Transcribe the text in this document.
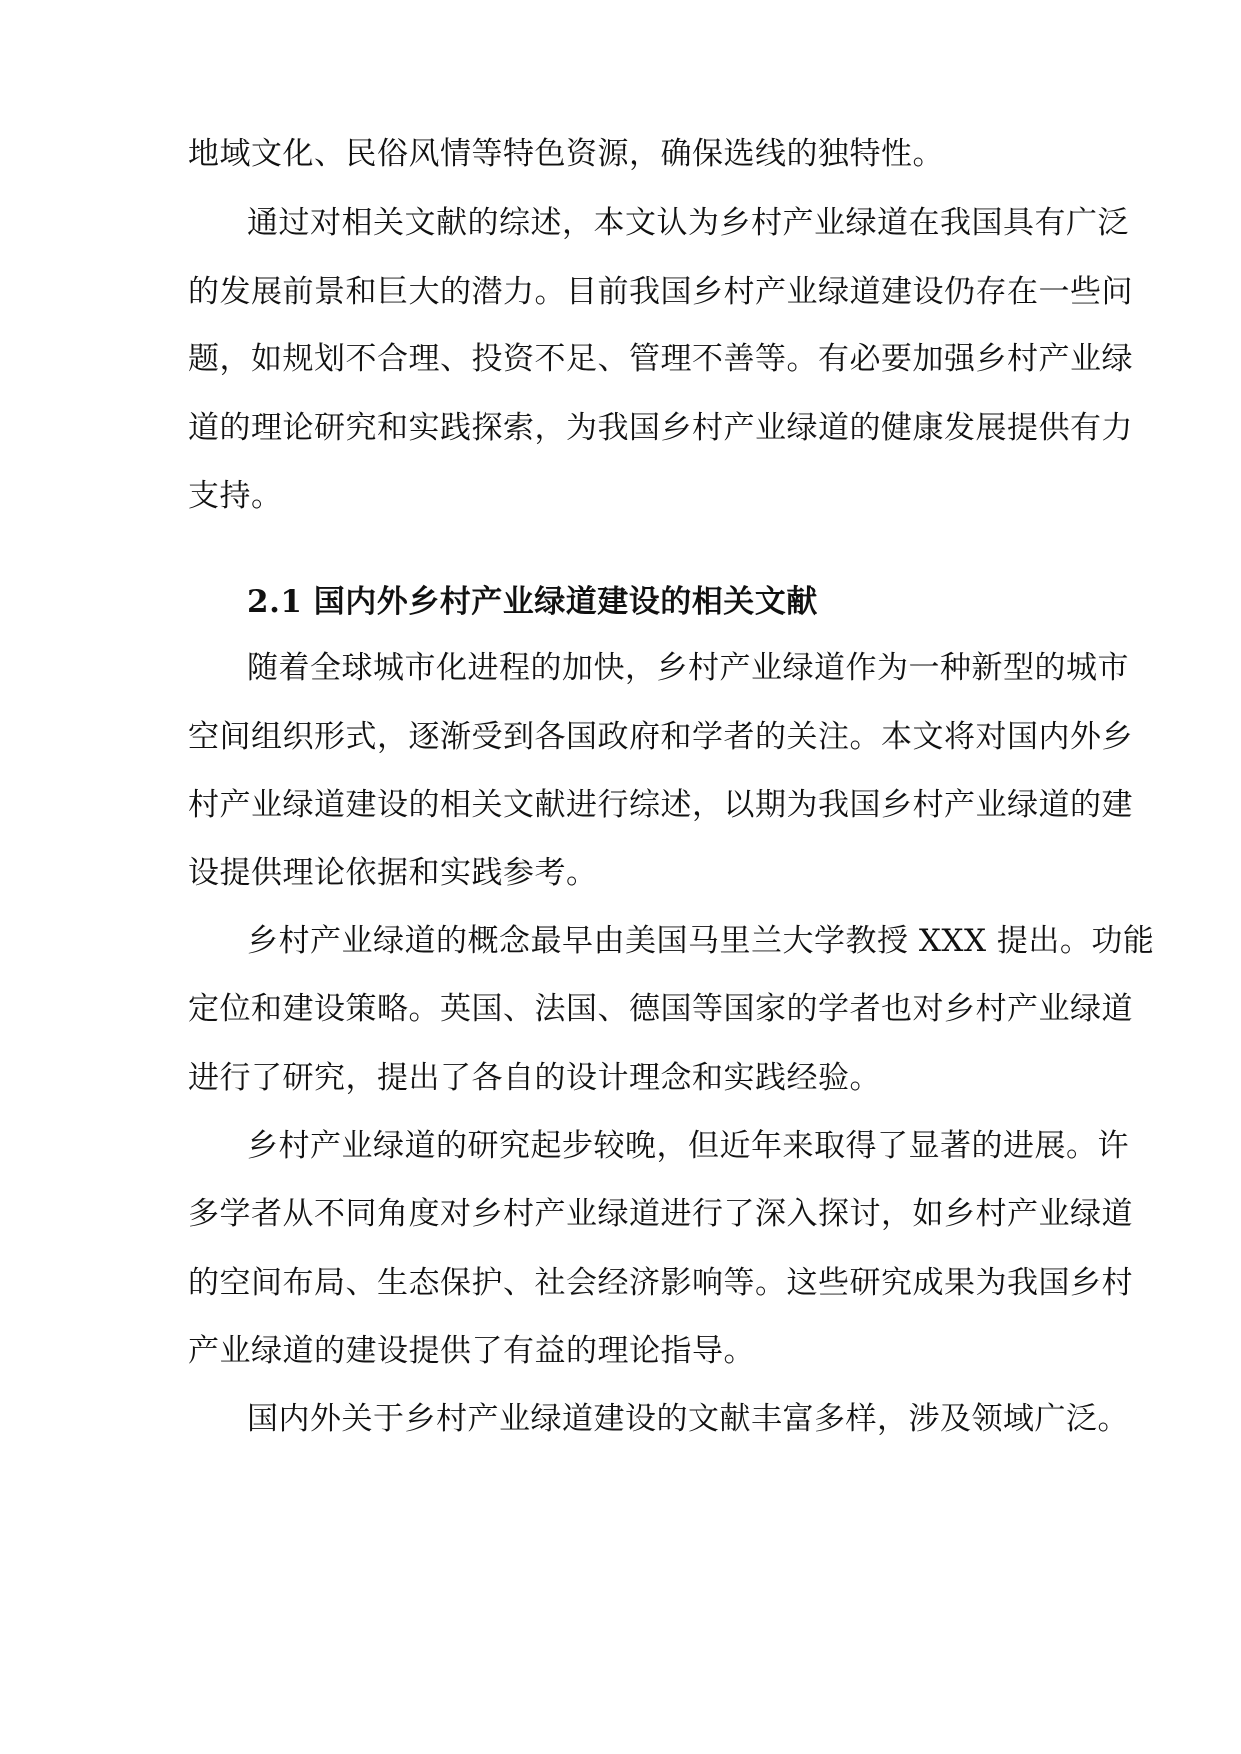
地域文化、民俗风情等特色资源，确保选线的独特性。
通过对相关文献的综述，本文认为乡村产业绿道在我国具有广泛
的发展前景和巨大的潜力。目前我国乡村产业绿道建设仍存在一些问
题，如规划不合理、投资不足、管理不善等。有必要加强乡村产业绿
道的理论研究和实践探索，为我国乡村产业绿道的健康发展提供有力
支持。
2.1 国内外乡村产业绿道建设的相关文献
随着全球城市化进程的加快，乡村产业绿道作为一种新型的城市
空间组织形式，逐渐受到各国政府和学者的关注。本文将对国内外乡
村产业绿道建设的相关文献进行综述，以期为我国乡村产业绿道的建
设提供理论依据和实践参考。
乡村产业绿道的概念最早由美国马里兰大学教授 XXX 提出。功能
定位和建设策略。英国、法国、德国等国家的学者也对乡村产业绿道
进行了研究，提出了各自的设计理念和实践经验。
乡村产业绿道的研究起步较晚，但近年来取得了显著的进展。许
多学者从不同角度对乡村产业绿道进行了深入探讨，如乡村产业绿道
的空间布局、生态保护、社会经济影响等。这些研究成果为我国乡村
产业绿道的建设提供了有益的理论指导。
国内外关于乡村产业绿道建设的文献丰富多样，涉及领域广泛。
